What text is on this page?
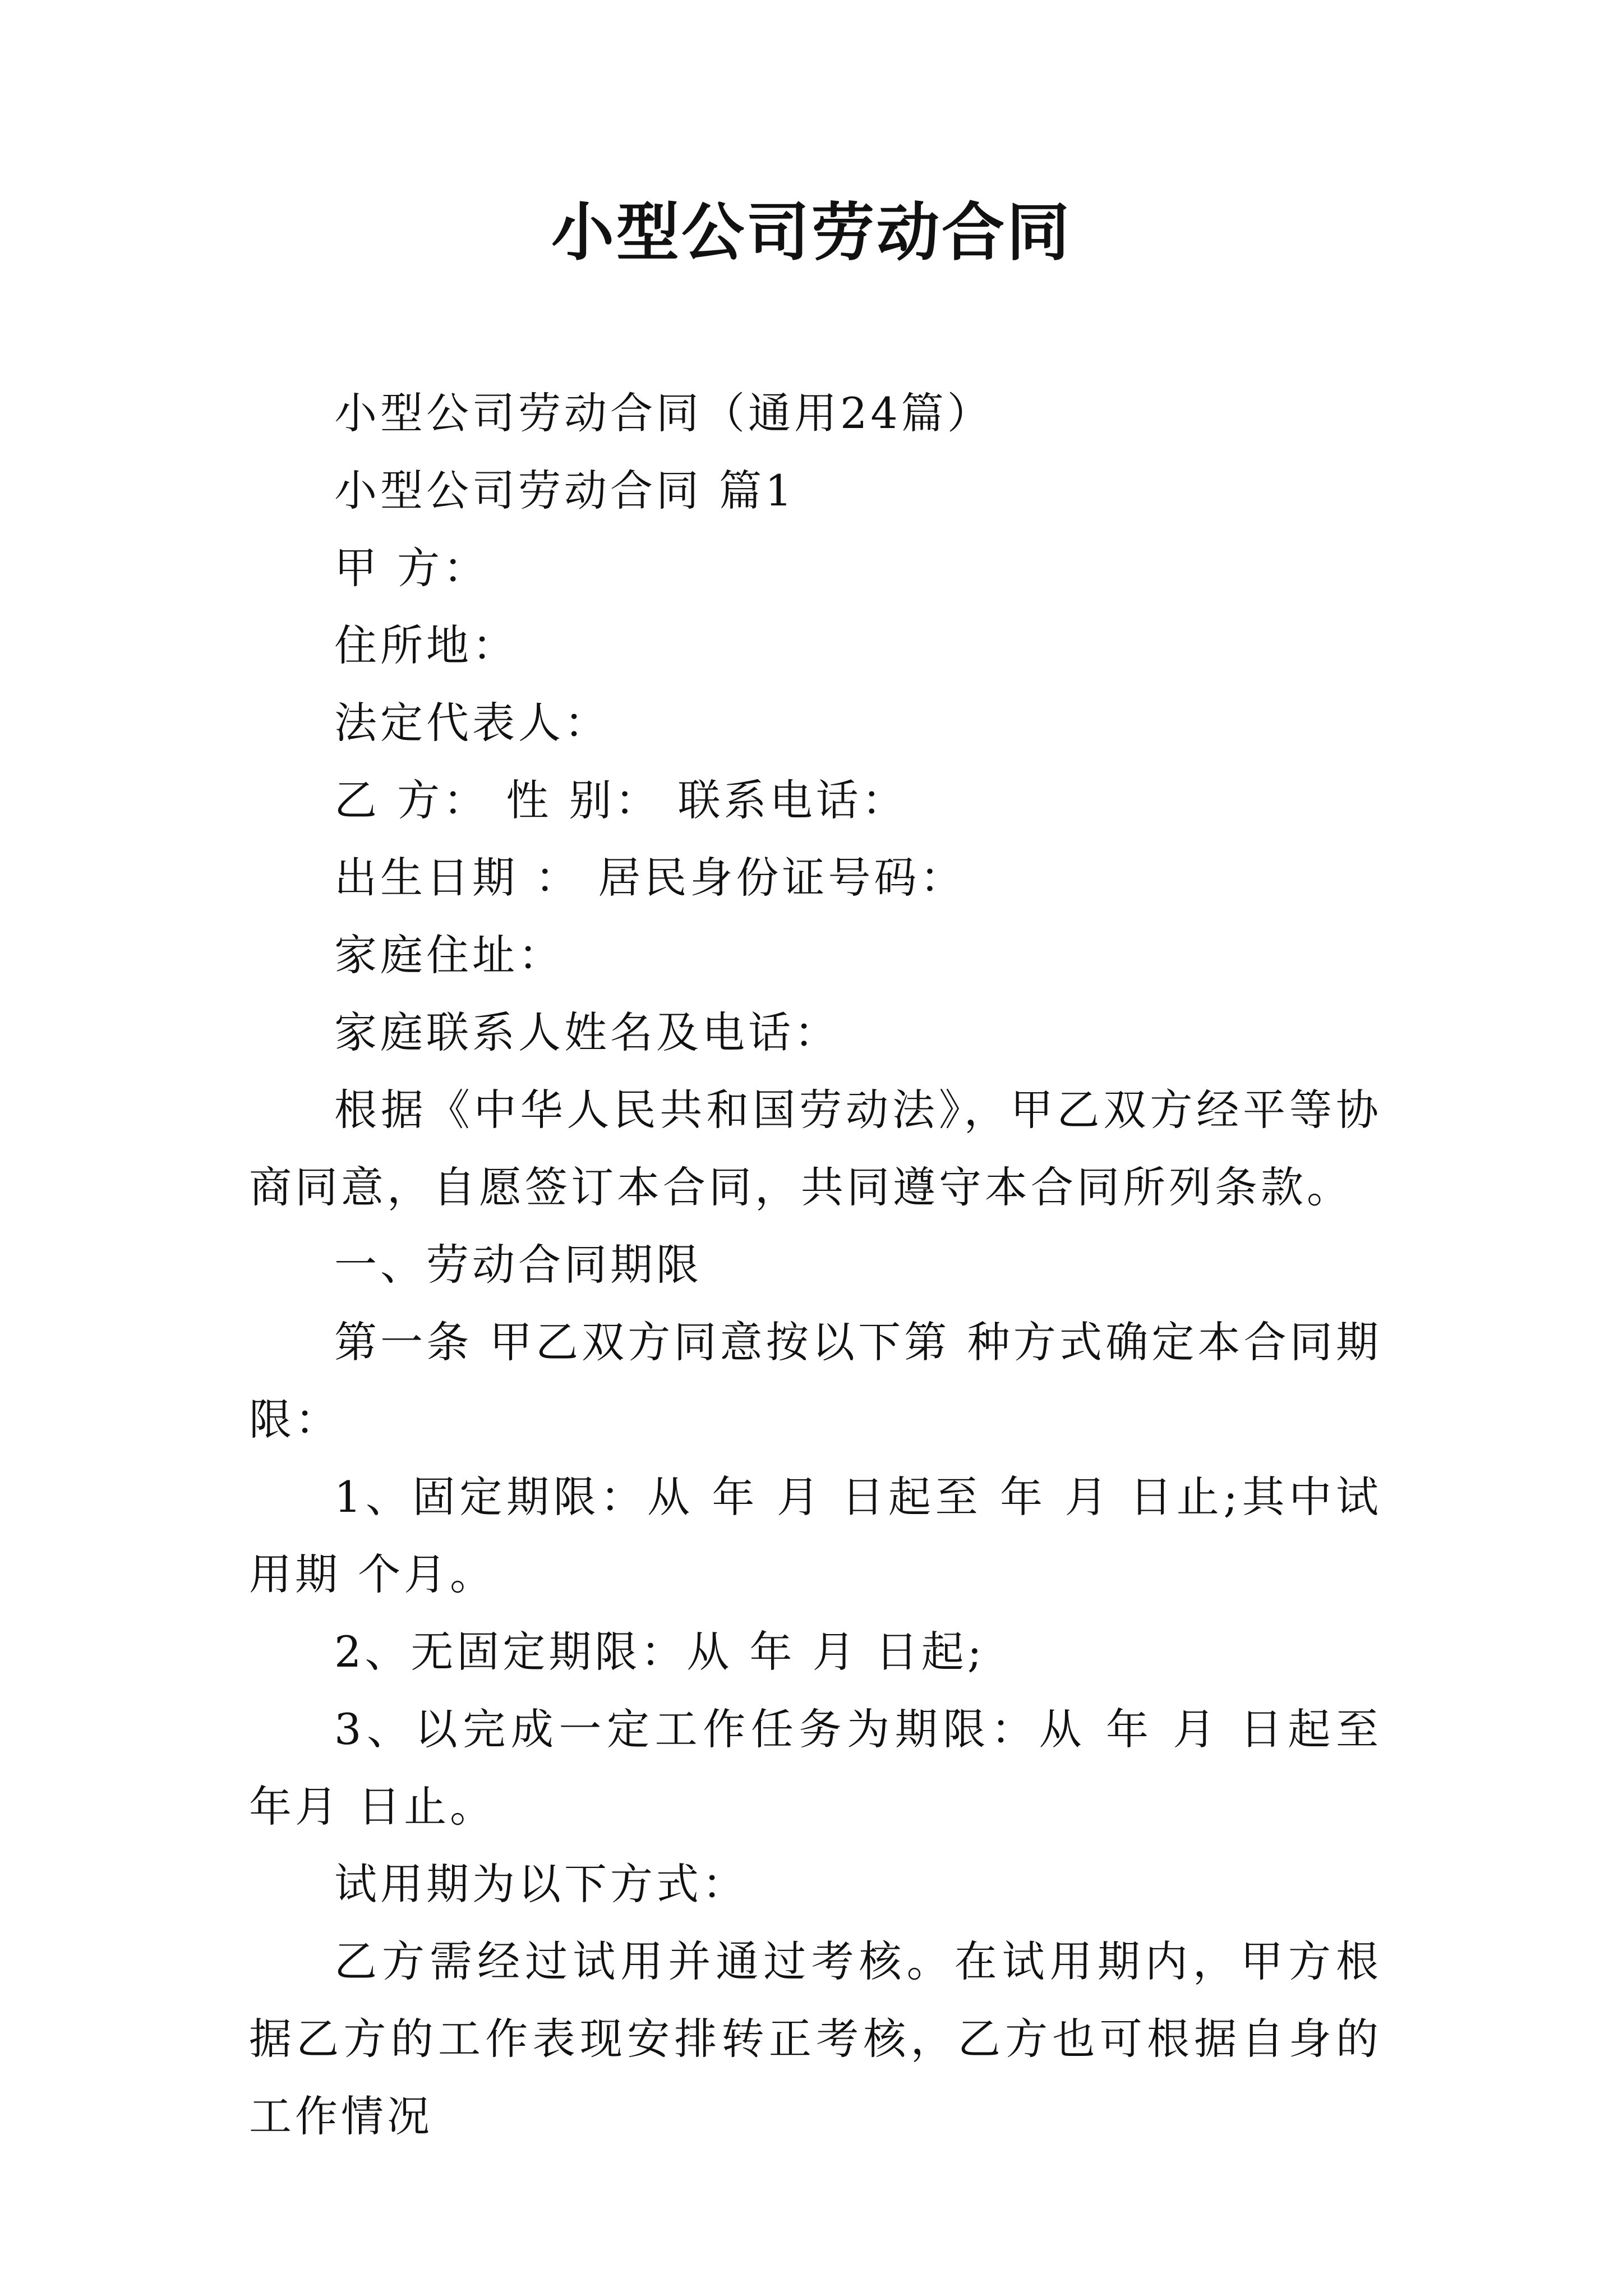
小型公司劳动合同

小型公司劳动合同（通用24篇）

小型公司劳动合同 篇1

甲 方：

住所地：

法定代表人：

乙 方： 性 别： 联系电话：

出生日期 ： 居民身份证号码：

家庭住址：

家庭联系人姓名及电话：

根据《中华人民共和国劳动法》，甲乙双方经平等协商同意，自愿签订本合同，共同遵守本合同所列条款。

一、劳动合同期限

第一条 甲乙双方同意按以下第 种方式确定本合同期限：

1、固定期限：从 年 月 日起至 年 月 日止;其中试用期 个月。

2、无固定期限：从 年 月 日起;

3、以完成一定工作任务为期限：从 年 月 日起至 年月 日止。

试用期为以下方式：

乙方需经过试用并通过考核。在试用期内，甲方根据乙方的工作表现安排转正考核，乙方也可根据自身的工作情况
